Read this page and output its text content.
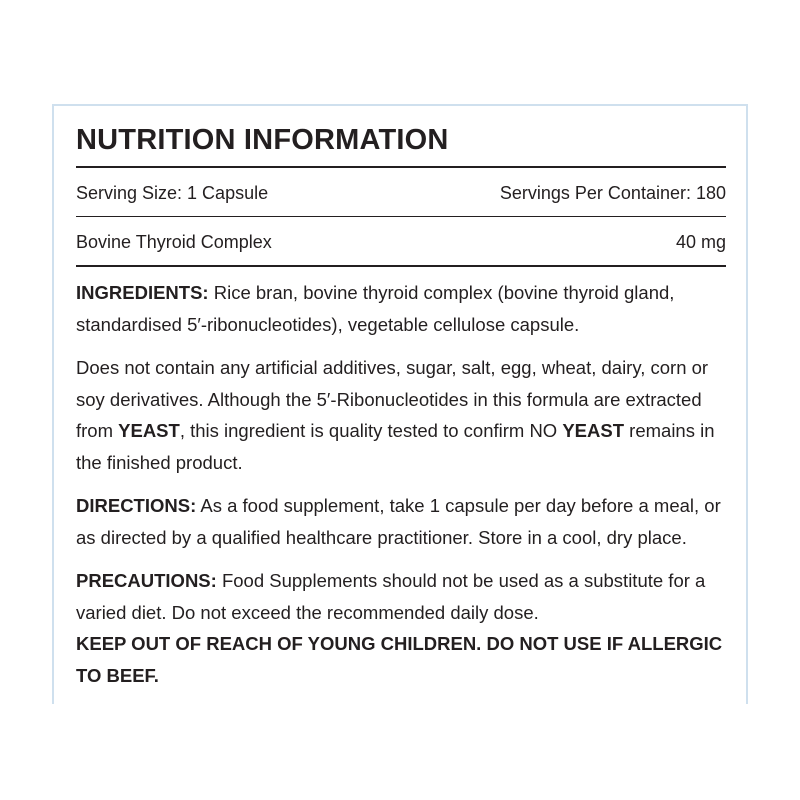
NUTRITION INFORMATION
Serving Size: 1 Capsule	Servings Per Container: 180
Bovine Thyroid Complex	40 mg

INGREDIENTS: Rice bran, bovine thyroid complex (bovine thyroid gland, standardised 5′-ribonucleotides), vegetable cellulose capsule.

Does not contain any artificial additives, sugar, salt, egg, wheat, dairy, corn or soy derivatives. Although the 5′-Ribonucleotides in this formula are extracted from YEAST, this ingredient is quality tested to confirm NO YEAST remains in the finished product.

DIRECTIONS: As a food supplement, take 1 capsule per day before a meal, or as directed by a qualified healthcare practitioner. Store in a cool, dry place.

PRECAUTIONS: Food Supplements should not be used as a substitute for a varied diet. Do not exceed the recommended daily dose.
KEEP OUT OF REACH OF YOUNG CHILDREN. DO NOT USE IF ALLERGIC TO BEEF.
